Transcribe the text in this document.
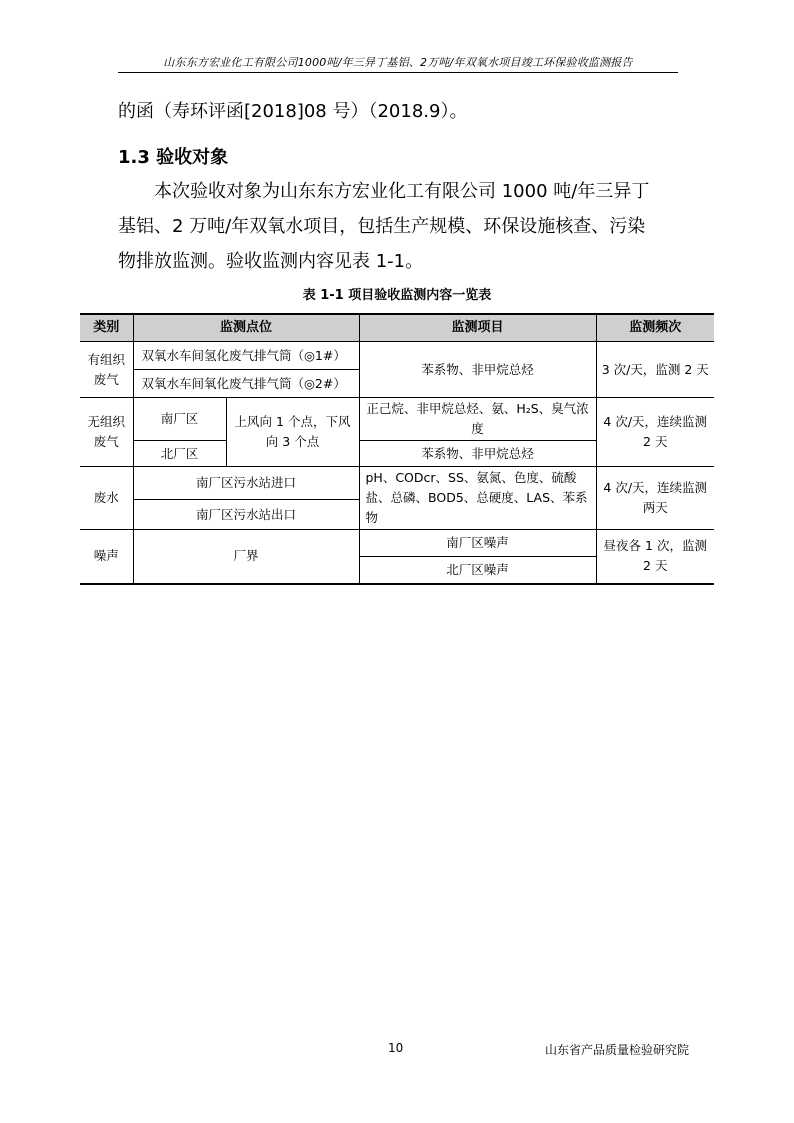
山东东方宏业化工有限公司1000吨/年三异丁基铝、2万吨/年双氧水项目竣工环保验收监测报告
的函（寿环评函[2018]08 号）（2018.9）。
1.3 验收对象
　　本次验收对象为山东东方宏业化工有限公司 1000 吨/年三异丁
基铝、2 万吨/年双氧水项目，包括生产规模、环保设施核查、污染
物排放监测。验收监测内容见表 1-1。
表 1-1 项目验收监测内容一览表
类别	监测点位		监测项目	监测频次
有组织废气	双氧水车间氢化废气排气筒（◎1#）		苯系物、非甲烷总烃	3 次/天，监测 2 天
	双氧水车间氧化废气排气筒（◎2#）			
无组织废气	南厂区	上风向 1 个点，下风向 3 个点	正己烷、非甲烷总烃、氨、H₂S、臭气浓度	4 次/天，连续监测 2 天
	北厂区		苯系物、非甲烷总烃	
废水	南厂区污水站进口		pH、CODcr、SS、氨氮、色度、硫酸盐、总磷、BOD5、总硬度、LAS、苯系物	4 次/天，连续监测两天
	南厂区污水站出口			
噪声	厂界		南厂区噪声	昼夜各 1 次，监测 2 天
			北厂区噪声	
10	山东省产品质量检验研究院
